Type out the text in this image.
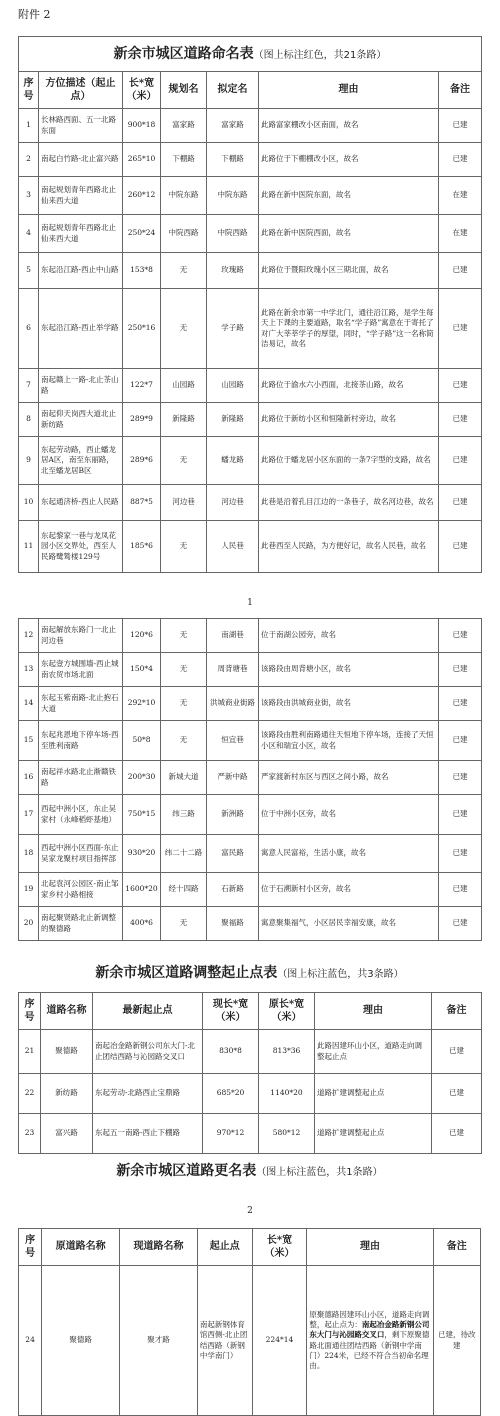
附件 2
新余市城区道路命名表（图上标注红色，共21条路）						
序号	方位描述（起止点）	长*宽（米）	规划名	拟定名	理由	备注
1	长林路西面、五一北路东面	900*18	富家路	富家路	此路富家棚改小区南面，故名	已建
2	南起白竹路-北止富兴路	265*10	下棚路	下棚路	此路位于下棚棚改小区，故名	已建
3	南起规划青年西路北止仙来西大道	260*12	中院东路	中院东路	此路在新中医院东面，故名	在建
4	南起规划青年西路北止仙来西大道	250*24	中院西路	中院西路	此路在新中医院西面，故名	在建
5	东起沿江路-西止中山路	153*8	无	玫瑰路	此路位于暨阳玫瑰小区三期北面，故名	已建
6	东起沿江路-西止举学路	250*16	无	学子路	此路在新余市第一中学北门，通往沿江路，是学生每天上下课的主要道路，取名“学子路”寓意在于寄托了对广大莘莘学子的厚望，同时，“学子路”这一名称简洁易记，故名	已建
7	南起赣上一路-北止茶山路	122*7	山园路	山园路	此路位于渝水六小西面，北接茶山路，故名	已建
8	南起仰天岗西大道北止新纺路	289*9	新隆路	新隆路	此路位于新纺小区和恒隆新村旁边，故名	已建
9	东起劳动路，西止蟠龙居A区，南至东丽路，北至蟠龙居B区	289*6	无	蟠龙路	此路位于蟠龙居小区东面的一条7字型的支路，故名	已建
10	东起通济桥-西止人民路	887*5	河边巷	河边巷	此巷是沿着孔目江边的一条巷子，故名河边巷，故名	已建
11	东起黎家一巷与龙凤花园小区交界处，西至人民路鹭鸶楼129号	185*6	无	人民巷	此巷西至人民路，为方便好记，故名人民巷，故名	已建
1
12	南起解放东路门一北止河边巷	120*6	无	南湖巷	位于南湖公园旁，故名	已建
13	东起壹方城围墙-西止城南农贸市场北面	150*4	无	周背塘巷	该路段由周背塘小区，故名	已建
14	东起玉紫南路-北止抱石大道	292*10	无	洪城商业街路	该路段由洪城商业街，故名	已建
15	东起兆恩地下停车场-西至胜利南路	50*8	无	恒宜巷	该路段由胜利南路通往天恒地下停车场，连接了天恒小区和瑞宜小区，故名	已建
16	南起祥水路北止渐赣铁路	200*30	新城大道	严新中路	严家渡新村东区与西区之间小路，故名	已建
17	西起中洲小区，东止吴家村（永峰稻虾基地）	750*15	纬三路	新洲路	位于中洲小区旁，故名	已建
18	西起中洲小区西面-东止吴家龙聚村项目指挥部	930*20	纬二十二路	富民路	寓意人民富裕，生活小康，故名	已建
19	北起袁河公园区-南止邹家乡村小路相接	1600*20	经十四路	石新路	位于石溯新村小区旁，故名	已建
20	南起聚贤路北止新调整的聚德路	400*6	无	聚福路	寓意聚集福气，小区居民幸福安康，故名	已建
新余市城区道路调整起止点表（图上标注蓝色，共3条路）
序号	道路名称	最新起止点	现长*宽（米）	原长*宽（米）	理由	备注
21	聚德路	南起冶金路新钢公司东大门-北止团结西路与沁园路交叉口	830*8	813*36	此路因建环山小区，道路走向调整起止点	已建
22	新纺路	东起劳动-北路西止宝鼎路	685*20	1140*20	道路扩建调整起止点	已建
23	富兴路	东起五一南路-西止下棚路	970*12	580*12	道路扩建调整起止点	已建
新余市城区道路更名表（图上标注蓝色，共1条路）
2
序号	原道路名称	现道路名称	起止点	长*宽（米）	理由	备注
24	聚德路	聚才路	南起新钢体育馆西侧-北止团结西路（新钢中学南门）	224*14	原聚德路因建环山小区，道路走向调整，起止点为：南起冶金路新钢公司东大门与沁园路交叉口，剩下原聚德路北面通往团结西路（新钢中学南门）224米，已经不符合当初命名理由。	已建，待改建
